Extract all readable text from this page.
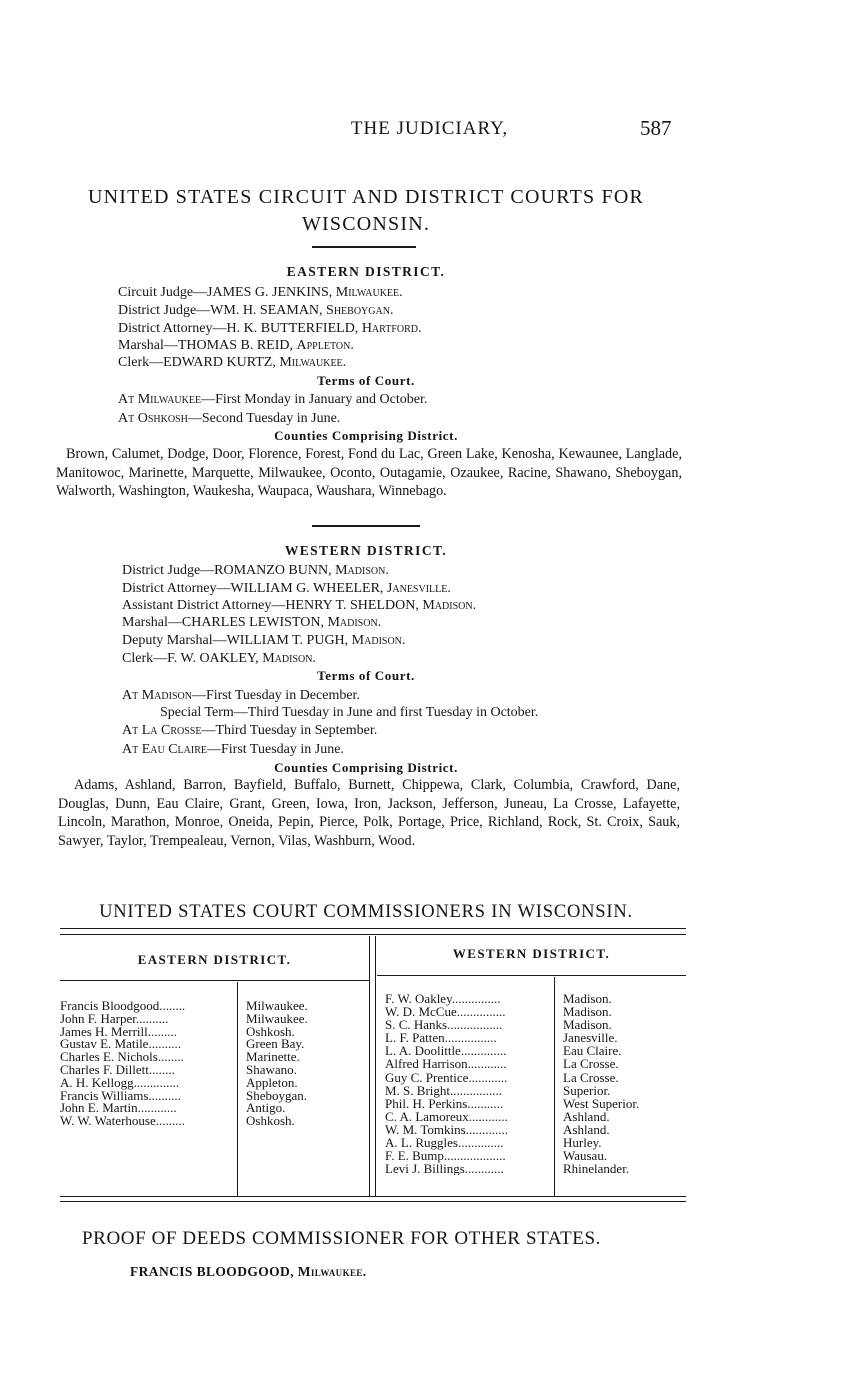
THE JUDICIARY,	587
UNITED STATES CIRCUIT AND DISTRICT COURTS FOR
WISCONSIN.
EASTERN DISTRICT.
Circuit Judge—JAMES G. JENKINS, Milwaukee.
District Judge—WM. H. SEAMAN, Sheboygan.
District Attorney—H. K. BUTTERFIELD, Hartford.
Marshal—THOMAS B. REID, Appleton.
Clerk—EDWARD KURTZ, Milwaukee.
Terms of Court.
At Milwaukee—First Monday in January and October.
At Oshkosh—Second Tuesday in June.
Counties Comprising District.
Brown, Calumet, Dodge, Door, Florence, Forest, Fond du Lac, Green Lake, Kenosha, Kewaunee, Langlade, Manitowoc, Marinette, Marquette, Milwaukee, Oconto, Outagamie, Ozaukee, Racine, Shawano, Sheboygan, Walworth, Washington, Waukesha, Waupaca, Waushara, Winnebago.
WESTERN DISTRICT.
District Judge—ROMANZO BUNN, Madison.
District Attorney—WILLIAM G. WHEELER, Janesville.
Assistant District Attorney—HENRY T. SHELDON, Madison.
Marshal—CHARLES LEWISTON, Madison.
Deputy Marshal—WILLIAM T. PUGH, Madison.
Clerk—F. W. OAKLEY, Madison.
Terms of Court.
At Madison—First Tuesday in December.
Special Term—Third Tuesday in June and first Tuesday in October.
At La Crosse—Third Tuesday in September.
At Eau Claire—First Tuesday in June.
Counties Comprising District.
Adams, Ashland, Barron, Bayfield, Buffalo, Burnett, Chippewa, Clark, Columbia, Crawford, Dane, Douglas, Dunn, Eau Claire, Grant, Green, Iowa, Iron, Jackson, Jefferson, Juneau, La Crosse, Lafayette, Lincoln, Marathon, Monroe, Oneida, Pepin, Pierce, Polk, Portage, Price, Richland, Rock, St. Croix, Sauk, Sawyer, Taylor, Trempealeau, Vernon, Vilas, Washburn, Wood.
UNITED STATES COURT COMMISSIONERS IN WISCONSIN.
EASTERN DISTRICT.	WESTERN DISTRICT.
Francis Bloodgood........
John F. Harper..........
James H. Merrill.........
Gustav E. Matile..........
Charles E. Nichols........
Charles F. Dillett........
A. H. Kellogg..............
Francis Williams..........
John E. Martin............
W. W. Waterhouse.........
Milwaukee.
Milwaukee.
Oshkosh.
Green Bay.
Marinette.
Shawano.
Appleton.
Sheboygan.
Antigo.
Oshkosh.
F. W. Oakley...............
W. D. McCue...............
S. C. Hanks.................
L. F. Patten................
L. A. Doolittle..............
Alfred Harrison............
Guy C. Prentice............
M. S. Bright................
Phil. H. Perkins...........
C. A. Lamoreux............
W. M. Tomkins.............
A. L. Ruggles..............
F. E. Bump...................
Levi J. Billings............
Madison.
Madison.
Madison.
Janesville.
Eau Claire.
La Crosse.
La Crosse.
Superior.
West Superior.
Ashland.
Ashland.
Hurley.
Wausau.
Rhinelander.
PROOF OF DEEDS COMMISSIONER FOR OTHER STATES.
FRANCIS BLOODGOOD, Milwaukee.
